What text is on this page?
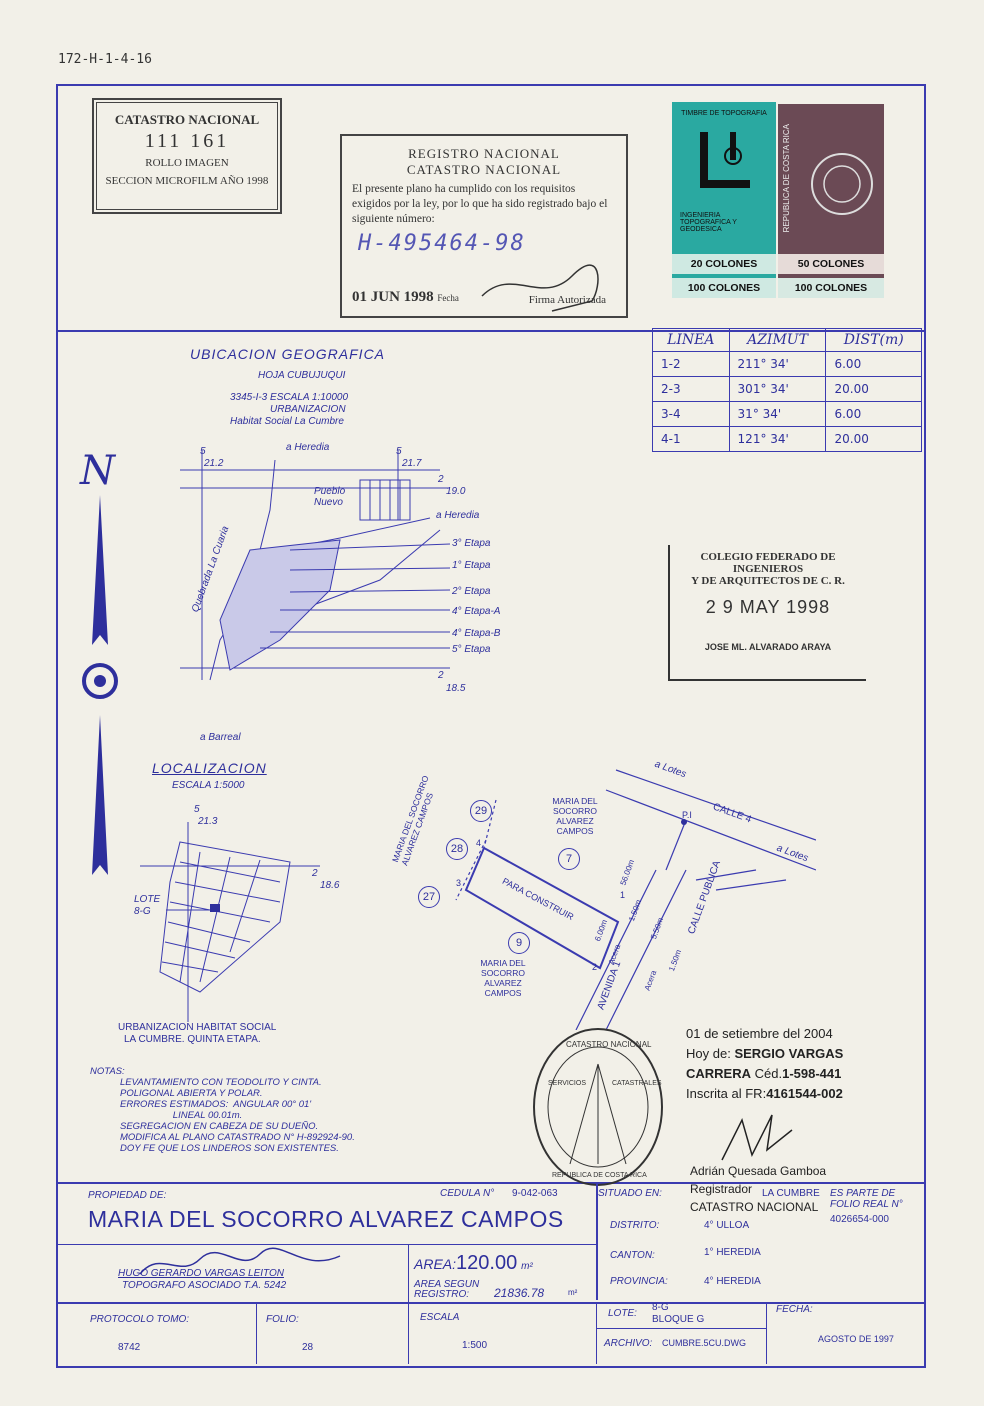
172-H-1-4-16
CATASTRO NACIONAL
111 161
ROLLO IMAGEN
SECCION MICROFILM AÑO 1998
REGISTRO NACIONAL
CATASTRO NACIONAL
El presente plano ha cumplido con los requisitos exigidos por la ley, por lo que ha sido registrado bajo el siguiente número:
H-495464-98
01 JUN 1998 Fecha	Firma Autorizada
TIMBRE DE TOPOGRAFIA
INGENIERIA TOPOGRAFICA Y GEODESICA
20 COLONES
100 COLONES
REPUBLICA DE COSTA RICA
50 COLONES
100 COLONES
LINEA	AZIMUT	DIST(m)
1-2	211° 34'	6.00
2-3	301° 34'	20.00
3-4	31° 34'	6.00
4-1	121° 34'	20.00
N
UBICACION GEOGRAFICA
HOJA CUBUJUQUI
3345-I-3 ESCALA 1:10000
URBANIZACION
Habitat Social La Cumbre
5
21.2
5
21.7
2
19.0
2
18.5
a Heredia
a Heredia
a Barreal
Pueblo Nuevo
Quebrada La Cuaria	3° Etapa
1° Etapa
2° Etapa
4° Etapa-A
4° Etapa-B
5° Etapa
COLEGIO FEDERADO DE INGENIEROS
Y DE ARQUITECTOS DE C. R.
2 9 MAY 1998
JOSE ML. ALVARADO ARAYA
LOCALIZACION
ESCALA 1:5000
5
21.3
2
18.6
LOTE
8-G
URBANIZACION HABITAT SOCIAL
LA CUMBRE. QUINTA ETAPA.
a Lotes
a Lotes
CALLE 4
CALLE PUBLICA
AVENIDA 1
P.I
PARA CONSTRUIR
6.00m
1.50m
5.50m
56.00m
1.50m
Acera
Acera
1
2
3
4
29
28
27
7
9
MARIA DEL SOCORRO ALVAREZ CAMPOS	MARIA DEL SOCORRO ALVAREZ CAMPOS
MARIA DEL SOCORRO ALVAREZ CAMPOS
NOTAS:
LEVANTAMIENTO CON TEODOLITO Y CINTA.
POLIGONAL ABIERTA Y POLAR.
ERRORES ESTIMADOS:  ANGULAR 00° 01'
LINEAL 00.01m.
SEGREGACION EN CABEZA DE SU DUEÑO.
MODIFICA AL PLANO CATASTRADO N° H-892924-90.
DOY FE QUE LOS LINDEROS SON EXISTENTES.
CATASTRO NACIONAL
SERVICIOS	CATASTRALES
REPUBLICA DE COSTA RICA
01 de setiembre del 2004
Hoy de: SERGIO VARGAS
CARRERA Céd.1-598-441
Inscrita al FR:4161544-002
Adrián Quesada Gamboa
Registrador
CATASTRO NACIONAL
PROPIEDAD DE:	CEDULA N° 9-042-063
MARIA DEL SOCORRO ALVAREZ CAMPOS
SITUADO EN:	LA CUMBRE ES PARTE DE FOLIO REAL N°
4026654-000
DISTRITO:	4° ULLOA
CANTON:	1° HEREDIA
PROVINCIA:	4° HEREDIA
HUGO GERARDO VARGAS LEITON
TOPOGRAFO ASOCIADO T.A. 5242
AREA:120.00 m²
AREA SEGUN REGISTRO:	21836.78	m²
PROTOCOLO TOMO:
8742
FOLIO:
28
ESCALA
1:500
LOTE:
8-G
BLOQUE G
ARCHIVO: CUMBRE.5CU.DWG
FECHA:
AGOSTO DE 1997
